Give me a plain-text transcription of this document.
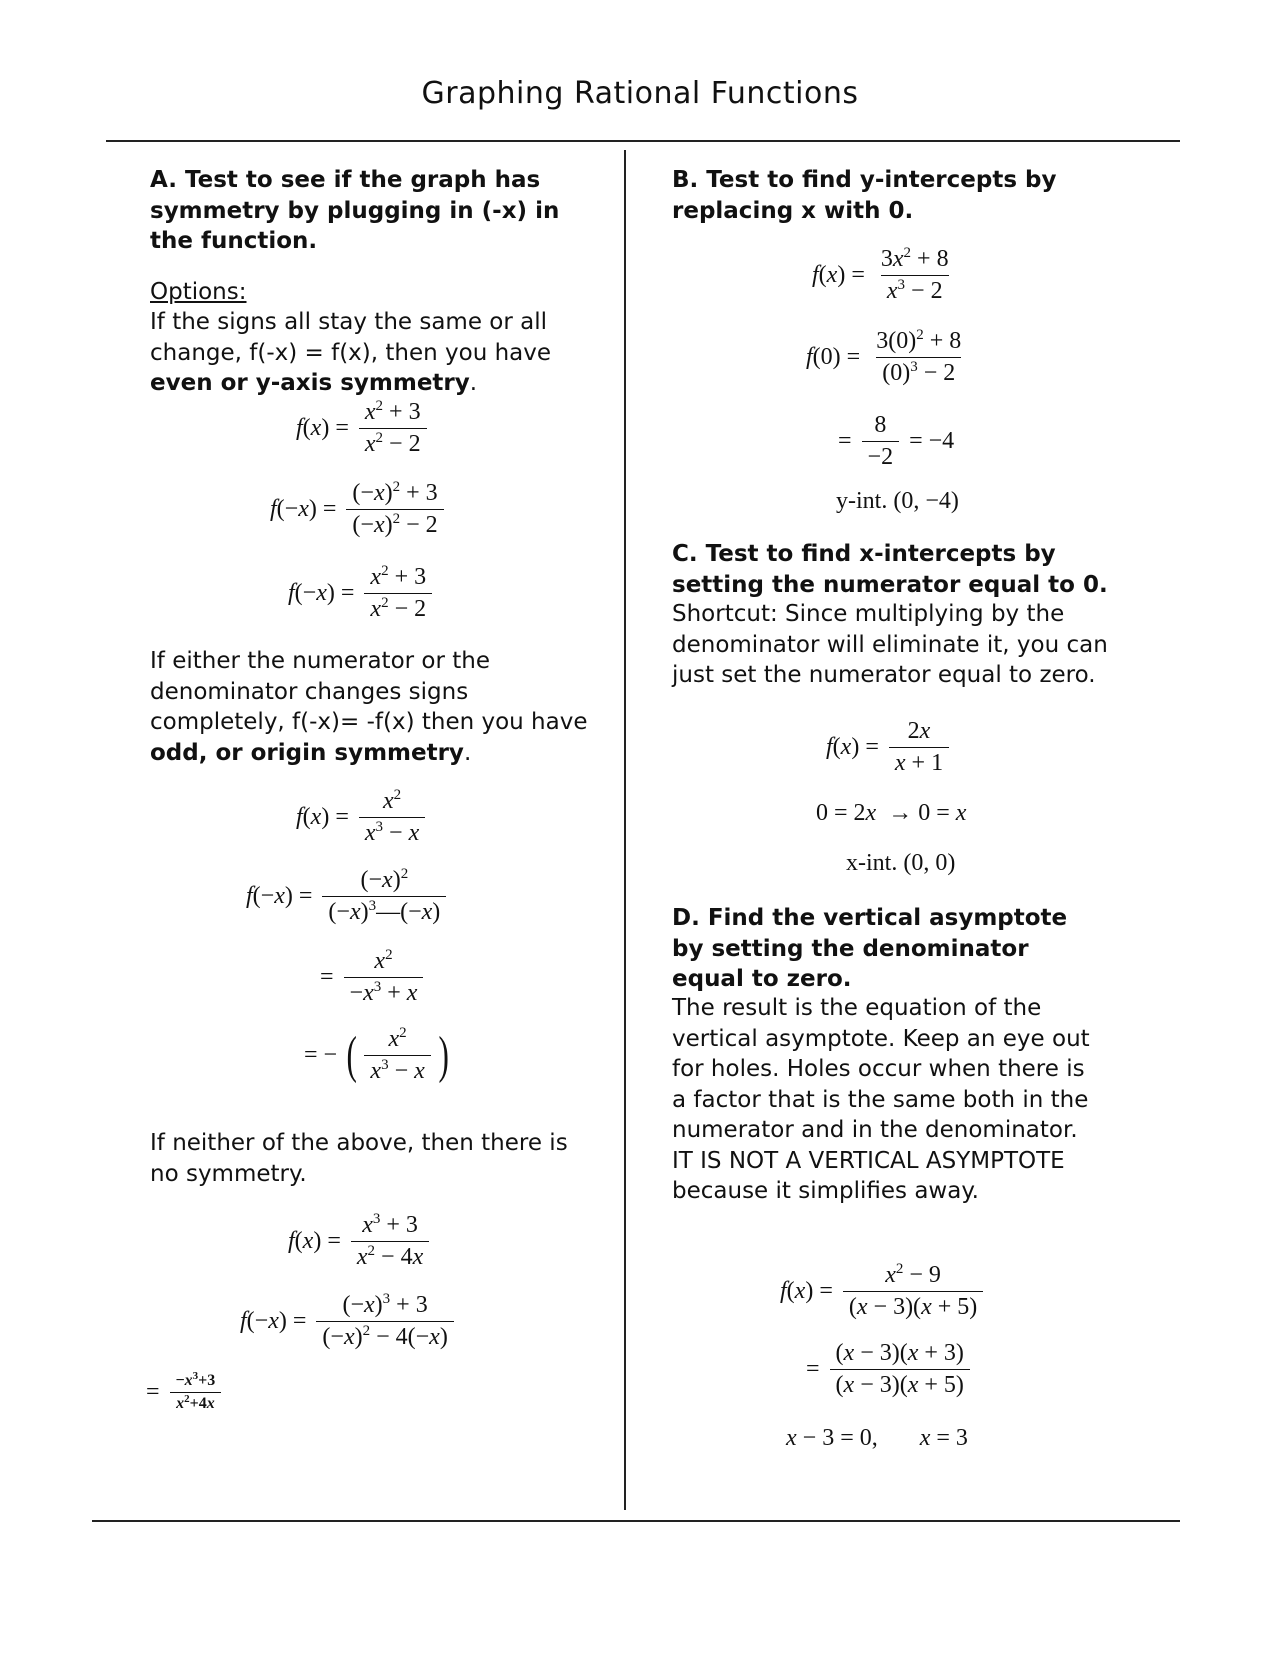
Graphing Rational Functions

A. Test to see if the graph has symmetry by plugging in (-x) in the function.

Options:

If the signs all stay the same or all change, f(-x) = f(x), then you have even or y-axis symmetry.

$f(x) = \frac{x^2 + 3}{x^2 - 2}$
$f(-x) = \frac{(-x)^2 + 3}{(-x)^2 - 2}$
$f(-x) = \frac{x^2 + 3}{x^2 - 2}$

If either the numerator or the denominator changes signs completely, f(-x)= -f(x) then you have odd, or origin symmetry.

$f(x) = \frac{x^2}{x^3 - x}$
$f(-x) = \frac{(-x)^2}{(-x)^3—(-x)}$
= $\frac{x^2}{-x^3 + x}$
= − ( $\frac{x^2}{x^3 - x}$ )

If neither of the above, then there is no symmetry.

$f(x) = \frac{x^3 + 3}{x^2 - 4x}$
$f(-x) = \frac{(-x)^3 + 3}{(-x)^2 - 4(-x)}$
= $\frac{-x^3+3}{x^2+4x}$

B. Test to find y-intercepts by replacing x with 0.

$f(x) = \frac{3x^2 + 8}{x^3 - 2}$
$f(0) = \frac{3(0)^2 + 8}{(0)^3 - 2}$
= $\frac{8}{-2} = -4$
y-int. (0, −4)

C. Test to find x-intercepts by setting the numerator equal to 0.

Shortcut: Since multiplying by the denominator will eliminate it, you can just set the numerator equal to zero.

$f(x) = \frac{2x}{x + 1}$
0 = 2x  → 0 = x
x-int. (0, 0)

D. Find the vertical asymptote by setting the denominator equal to zero.

The result is the equation of the vertical asymptote. Keep an eye out for holes. Holes occur when there is a factor that is the same both in the numerator and in the denominator. IT IS NOT A VERTICAL ASYMPTOTE because it simplifies away.

$f(x) = \frac{x^2 - 9}{(x - 3)(x + 5)}$
= $\frac{(x - 3)(x + 3)}{(x - 3)(x + 5)}$
x − 3 = 0,       x = 3
